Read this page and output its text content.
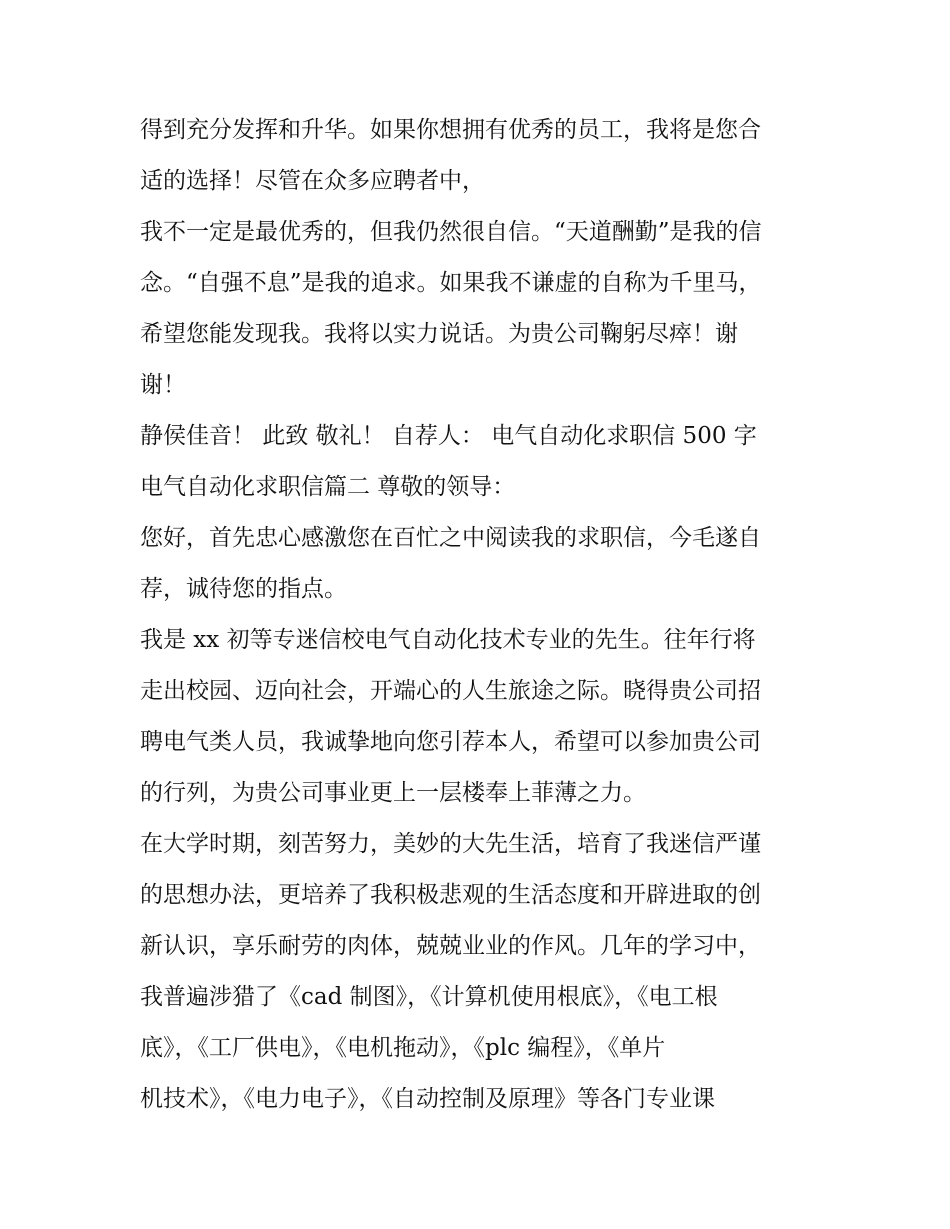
得到充分发挥和升华。如果你想拥有优秀的员工，我将是您合
适的选择！尽管在众多应聘者中，
我不一定是最优秀的，但我仍然很自信。“天道酬勤”是我的信
念。“自强不息”是我的追求。如果我不谦虚的自称为千里马，
希望您能发现我。我将以实力说话。为贵公司鞠躬尽瘁！谢
谢！
静侯佳音！ 此致 敬礼！ 自荐人： 电气自动化求职信 500 字
电气自动化求职信篇二 尊敬的领导：
您好，首先忠心感激您在百忙之中阅读我的求职信，今毛遂自
荐，诚待您的指点。
我是 xx 初等专迷信校电气自动化技术专业的先生。往年行将
走出校园、迈向社会，开端心的人生旅途之际。晓得贵公司招
聘电气类人员，我诚挚地向您引荐本人，希望可以参加贵公司
的行列，为贵公司事业更上一层楼奉上菲薄之力。
在大学时期，刻苦努力，美妙的大先生活，培育了我迷信严谨
的思想办法，更培养了我积极悲观的生活态度和开辟进取的创
新认识，享乐耐劳的肉体，兢兢业业的作风。几年的学习中，
我普遍涉猎了《cad 制图》，《计算机使用根底》，《电工根
底》，《工厂供电》，《电机拖动》，《plc 编程》，《单片
机技术》，《电力电子》，《自动控制及原理》等各门专业课
